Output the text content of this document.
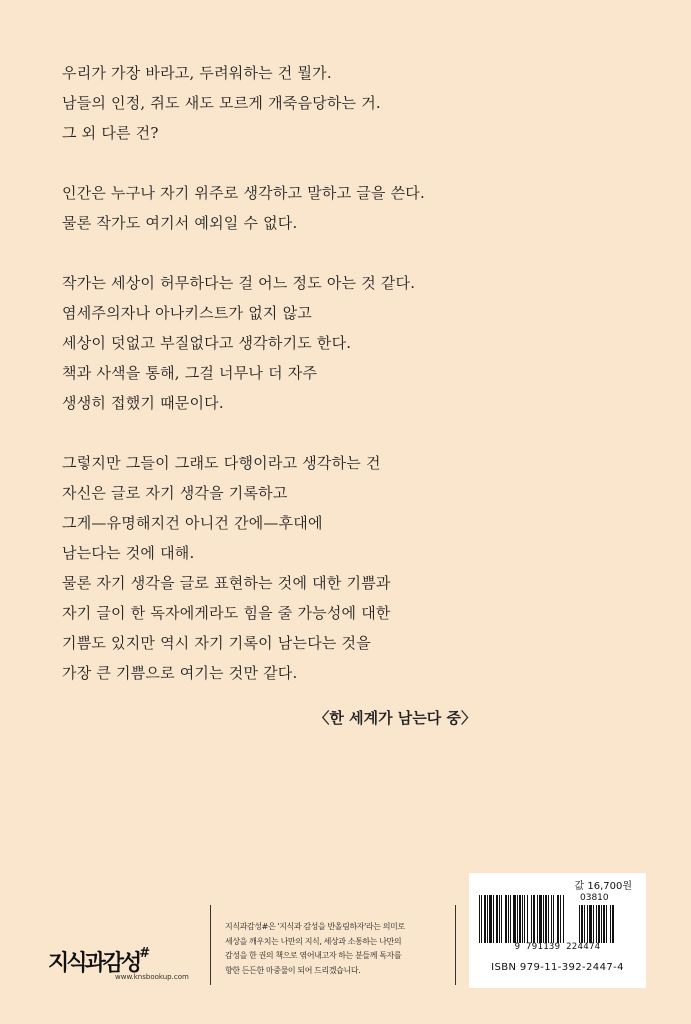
우리가 가장 바라고, 두려워하는 건 뭘가.
남들의 인정, 쥐도 새도 모르게 개죽음당하는 거.
그 외 다른 건?
인간은 누구나 자기 위주로 생각하고 말하고 글을 쓴다.
물론 작가도 여기서 예외일 수 없다.
작가는 세상이 허무하다는 걸 어느 정도 아는 것 같다.
염세주의자나 아나키스트가 없지 않고
세상이 덧없고 부질없다고 생각하기도 한다.
책과 사색을 통해, 그걸 너무나 더 자주
생생히 접했기 때문이다.
그렇지만 그들이 그래도 다행이라고 생각하는 건
자신은 글로 자기 생각을 기록하고
그게—유명해지건 아니건 간에—후대에
남는다는 것에 대해.
물론 자기 생각을 글로 표현하는 것에 대한 기쁨과
자기 글이 한 독자에게라도 힘을 줄 가능성에 대한
기쁨도 있지만 역시 자기 기록이 남는다는 것을
가장 큰 기쁨으로 여기는 것만 같다.
〈한 세계가 남는다 중〉
지식과감성#
www.knsbookup.com
지식과감성#은 '지식과 감성을 반올림하자'라는 의미로
세상을 깨우치는 나만의 지식, 세상과 소통하는 나만의
감성을 한 권의 책으로 엮어내고자 하는 분들께 독자를
향한 든든한 마중물이 되어 드리겠습니다.
값 16,700원
03810
9 791139 224474
ISBN 979-11-392-2447-4
